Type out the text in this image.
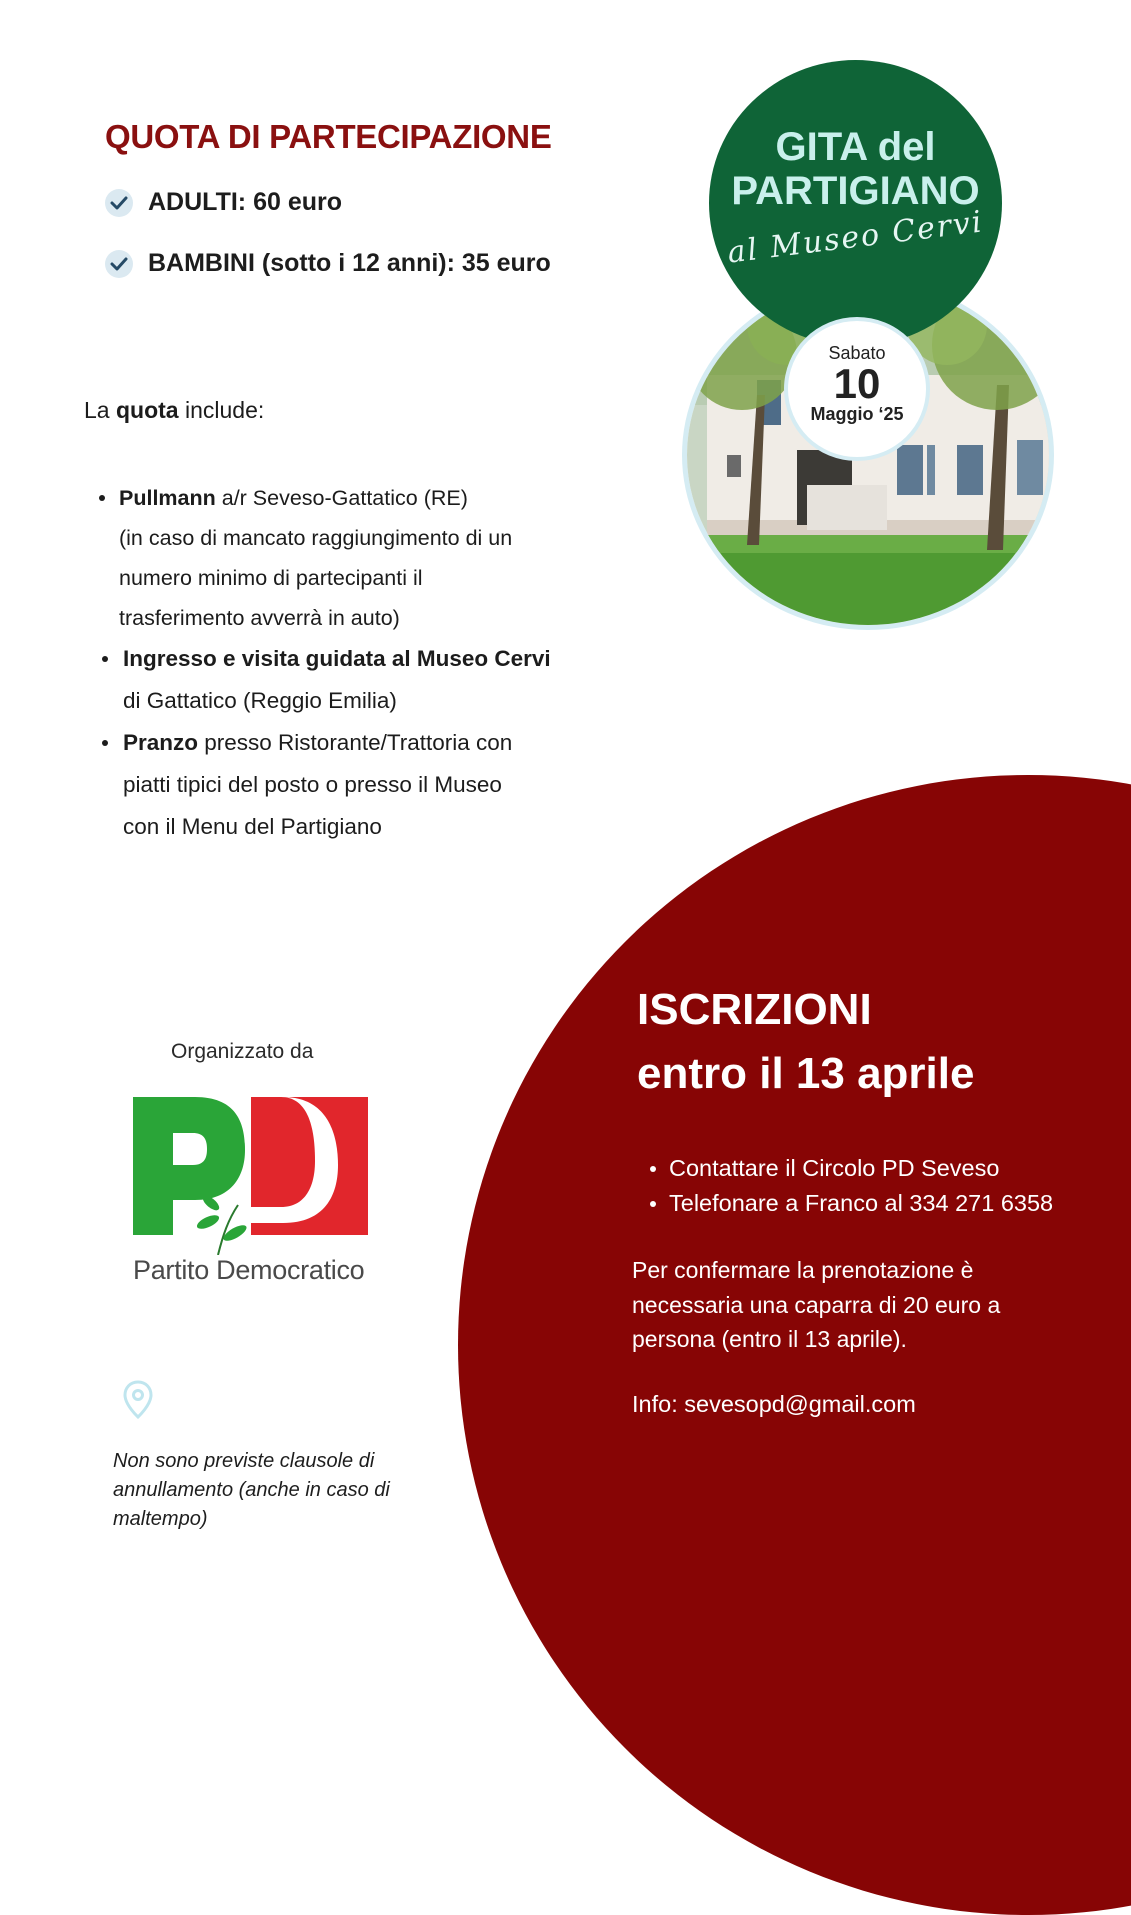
QUOTA DI PARTECIPAZIONE
ADULTI: 60 euro
BAMBINI (sotto i 12 anni): 35 euro
La quota include:
Pullmann a/r Seveso-Gattatico (RE)
(in caso di mancato raggiungimento di un
numero minimo di partecipanti il
trasferimento avverrà in auto)
Ingresso e visita guidata al Museo Cervi
di Gattatico (Reggio Emilia)
Pranzo presso Ristorante/Trattoria con
piatti tipici del posto o presso il Museo
con il Menu del Partigiano
GITA del
PARTIGIANO
al Museo Cervi
Sabato
10
Maggio ‘25
Organizzato da
Partito Democratico
Non sono previste clausole di annullamento (anche in caso di maltempo)
ISCRIZIONI
entro il 13 aprile
Contattare il Circolo PD Seveso
Telefonare a Franco al 334 271 6358
Per confermare la prenotazione è necessaria una caparra di 20 euro a persona (entro il 13 aprile).
Info: sevesopd@gmail.com
